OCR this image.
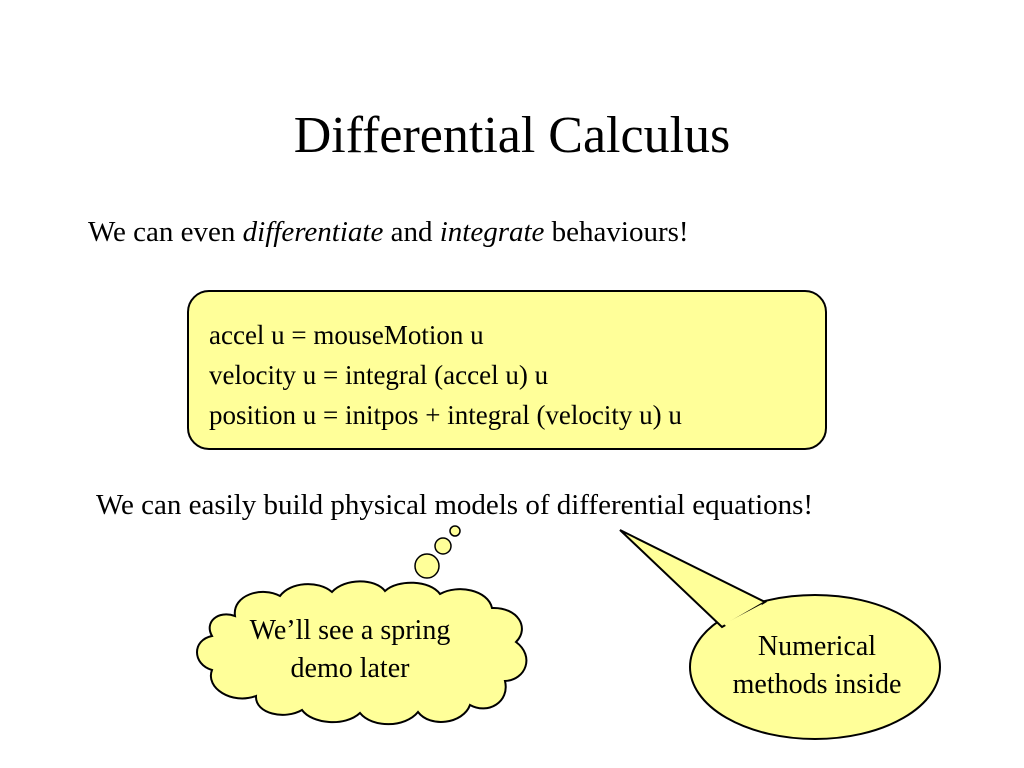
Differential Calculus
We can even differentiate and integrate behaviours!
accel u = mouseMotion u
velocity u = integral (accel u) u
position u = initpos + integral (velocity u) u
We can easily build physical models of differential equations!
We’ll see a spring
demo later
Numerical
methods inside
